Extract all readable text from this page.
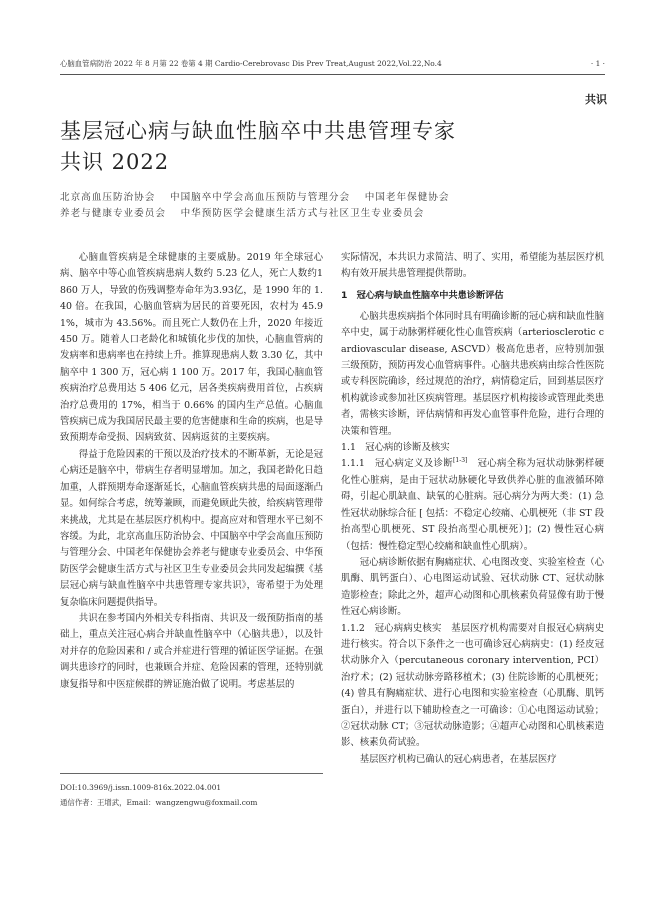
心脑血管病防治 2022 年 8 月第 22 卷第 4 期 Cardio-Cerebrovasc Dis Prev Treat,August 2022,Vol.22,No.4	· 1 ·
共识
基层冠心病与缺血性脑卒中共患管理专家
共识 2022
北京高血压防治协会　 中国脑卒中学会高血压预防与管理分会　 中国老年保健协会
养老与健康专业委员会　 中华预防医学会健康生活方式与社区卫生专业委员会

心脑血管疾病是全球健康的主要威胁。2019 年全球冠心病、脑卒中等心血管疾病患病人数约 5.23 亿人，死亡人数约1860 万人，导致的伤残调整寿命年为3.93亿，是 1990 年的 1.40 倍。在我国，心脑血管病为居民的首要死因，农村为 45.91%，城市为 43.56%。而且死亡人数仍在上升，2020 年接近 450 万。随着人口老龄化和城镇化步伐的加快，心脑血管病的发病率和患病率也在持续上升。推算现患病人数 3.30 亿，其中脑卒中 1 300 万，冠心病 1 100 万。2017 年，我国心脑血管疾病治疗总费用达 5 406 亿元，居各类疾病费用首位，占疾病治疗总费用的 17%，相当于 0.66% 的国内生产总值。心脑血管疾病已成为我国居民最主要的危害健康和生命的疾病，也是导致预期寿命受损、因病致贫、因病返贫的主要疾病。

得益于危险因素的干预以及治疗技术的不断革新，无论是冠心病还是脑卒中，带病生存者明显增加。加之，我国老龄化日趋加重，人群预期寿命逐渐延长，心脑血管疾病共患的局面逐渐凸显。如何综合考虑，统筹兼顾，而避免顾此失彼，给疾病管理带来挑战，尤其是在基层医疗机构中。提高应对和管理水平已刻不容缓。为此，北京高血压防治协会、中国脑卒中学会高血压预防与管理分会、中国老年保健协会养老与健康专业委员会、中华预防医学会健康生活方式与社区卫生专业委员会共同发起编撰《基层冠心病与缺血性脑卒中共患管理专家共识》，寄希望于为处理复杂临床问题提供指导。

共识在参考国内外相关专科指南、共识及一级预防指南的基础上，重点关注冠心病合并缺血性脑卒中（心脑共患），以及针对并存的危险因素和 / 或合并症进行管理的循证医学证据。在强调共患诊疗的同时，也兼顾合并症、危险因素的管理，还特别就康复指导和中医症候群的辨证施治做了说明。考虑基层的

DOI:10.3969/j.issn.1009-816x.2022.04.001
通信作者：王增武，Email：wangzengwu@foxmail.com

实际情况，本共识力求简洁、明了、实用，希望能为基层医疗机构有效开展共患管理提供帮助。

1　冠心病与缺血性脑卒中共患诊断评估

心脑共患疾病指个体同时具有明确诊断的冠心病和缺血性脑卒中史，属于动脉粥样硬化性心血管疾病（arteriosclerotic cardiovascular disease, ASCVD）极高危患者，应特别加强三级预防，预防再发心血管病事件。心脑共患疾病由综合性医院或专科医院确诊，经过规范的治疗，病情稳定后，回到基层医疗机构就诊或参加社区疾病管理。基层医疗机构接诊或管理此类患者，需核实诊断，评估病情和再发心血管事件危险，进行合理的决策和管理。

1.1　冠心病的诊断及核实

1.1.1　冠心病定义及诊断[1-3]　 冠心病全称为冠状动脉粥样硬化性心脏病，是由于冠状动脉硬化导致供养心脏的血液循环障碍，引起心肌缺血、缺氧的心脏病。冠心病分为两大类：(1) 急性冠状动脉综合征 [ 包括：不稳定心绞痛、心肌梗死（非 ST 段抬高型心肌梗死、ST 段抬高型心肌梗死）]；(2) 慢性冠心病（包括：慢性稳定型心绞痛和缺血性心肌病）。

冠心病诊断依据有胸痛症状、心电图改变、实验室检查（心肌酶、肌钙蛋白）、心电图运动试验、冠状动脉 CT、冠状动脉造影检查；除此之外，超声心动图和心肌核素负荷显像有助于慢性冠心病诊断。

1.1.2　冠心病病史核实　 基层医疗机构需要对自报冠心病病史进行核实。符合以下条件之一也可确诊冠心病病史：(1) 经皮冠状动脉介入（percutaneous coronary intervention, PCI）治疗术；(2) 冠状动脉旁路移植术；(3) 住院诊断的心肌梗死；(4) 曾具有胸痛症状、进行心电图和实验室检查（心肌酶、肌钙蛋白），并进行以下辅助检查之一可确诊：①心电图运动试验；②冠状动脉 CT；③冠状动脉造影；④超声心动图和心肌核素造影、核素负荷试验。

基层医疗机构已确认的冠心病患者，在基层医疗
